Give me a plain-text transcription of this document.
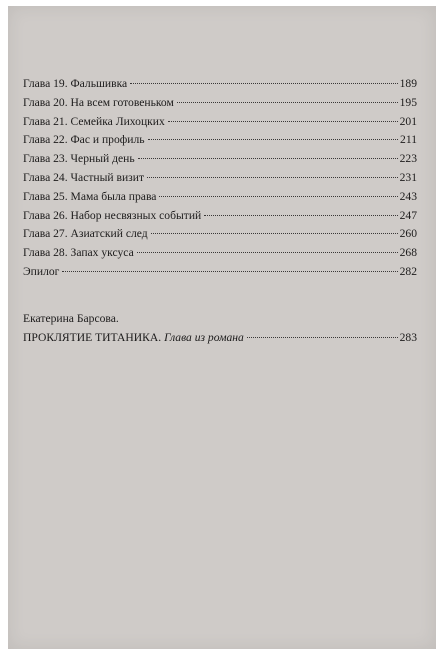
Глава 19. Фальшивка	189
Глава 20. На всем готовеньком	195
Глава 21. Семейка Лихоцких	201
Глава 22. Фас и профиль	211
Глава 23. Черный день	223
Глава 24. Частный визит	231
Глава 25. Мама была права	243
Глава 26. Набор несвязных событий	247
Глава 27. Азиатский след	260
Глава 28. Запах уксуса	268
Эпилог	282
Екатерина Барсова.
ПРОКЛЯТИЕ ТИТАНИКА. Глава из романа	283
